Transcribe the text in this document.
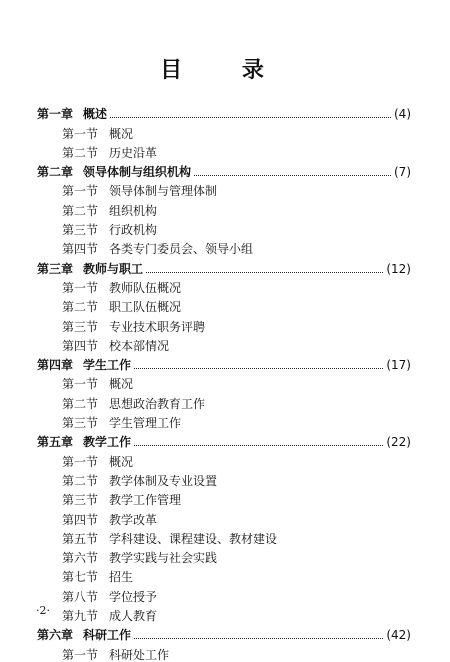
目 录
第一章 概述	(4)
第一节 概况
第二节 历史沿革
第二章 领导体制与组织机构	(7)
第一节 领导体制与管理体制
第二节 组织机构
第三节 行政机构
第四节 各类专门委员会、领导小组
第三章 教师与职工	(12)
第一节 教师队伍概况
第二节 职工队伍概况
第三节 专业技术职务评聘
第四节 校本部情况
第四章 学生工作	(17)
第一节 概况
第二节 思想政治教育工作
第三节 学生管理工作
第五章 教学工作	(22)
第一节 概况
第二节 教学体制及专业设置
第三节 教学工作管理
第四节 教学改革
第五节 学科建设、课程建设、教材建设
第六节 教学实践与社会实践
第七节 招生
第八节 学位授予
第九节 成人教育
第六章 科研工作	(42)
第一节 科研处工作
·2·
